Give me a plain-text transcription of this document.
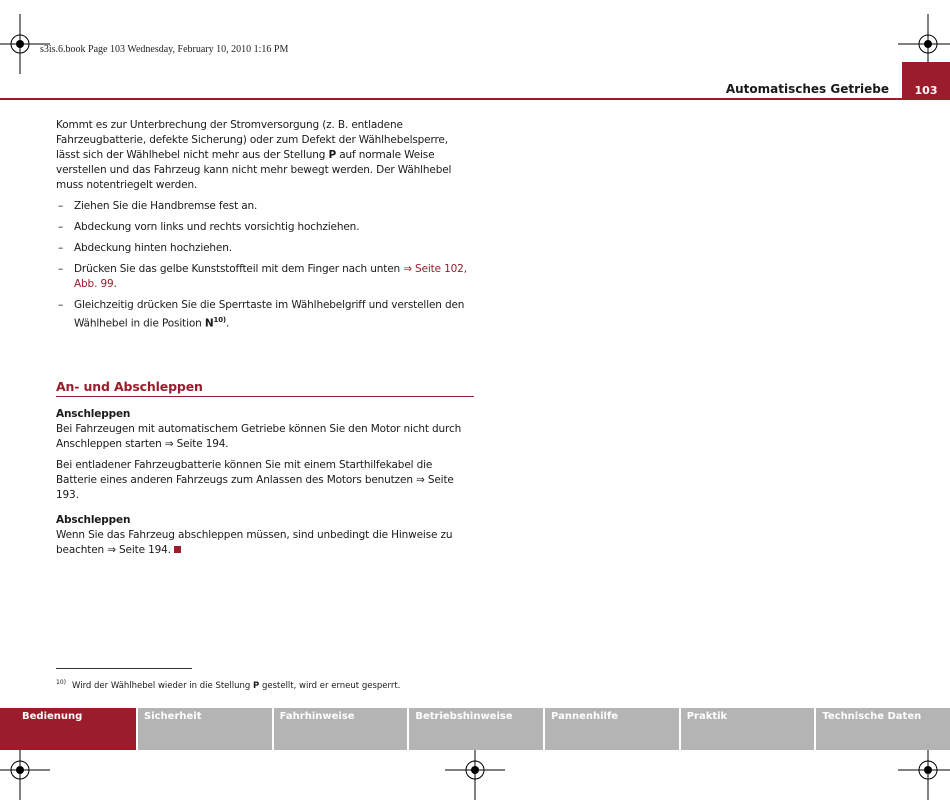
s3is.6.book Page 103 Wednesday, February 10, 2010 1:16 PM
Automatisches Getriebe 103

Kommt es zur Unterbrechung der Stromversorgung (z. B. entladene Fahrzeugbatterie, defekte Sicherung) oder zum Defekt der Wählhebelsperre, lässt sich der Wählhebel nicht mehr aus der Stellung P auf normale Weise verstellen und das Fahrzeug kann nicht mehr bewegt werden. Der Wählhebel muss notentriegelt werden.

– Ziehen Sie die Handbremse fest an.
– Abdeckung vorn links und rechts vorsichtig hochziehen.
– Abdeckung hinten hochziehen.
– Drücken Sie das gelbe Kunststoffteil mit dem Finger nach unten ⇒ Seite 102, Abb. 99.
– Gleichzeitig drücken Sie die Sperrtaste im Wählhebelgriff und verstellen den Wählhebel in die Position $N^{10)}$.
An- und Abschleppen
Anschleppen

Bei Fahrzeugen mit automatischem Getriebe können Sie den Motor nicht durch Anschleppen starten ⇒ Seite 194.

Bei entladener Fahrzeugbatterie können Sie mit einem Starthilfekabel die Batterie eines anderen Fahrzeugs zum Anlassen des Motors benutzen ⇒ Seite 193.

Abschleppen

Wenn Sie das Fahrzeug abschleppen müssen, sind unbedingt die Hinweise zu beachten ⇒ Seite 194.

$^{10)}$ Wird der Wählhebel wieder in die Stellung P gestellt, wird er erneut gesperrt.
Bedienung	Sicherheit	Fahrhinweise	Betriebshinweise	Pannenhilfe	Praktik	Technische Daten
